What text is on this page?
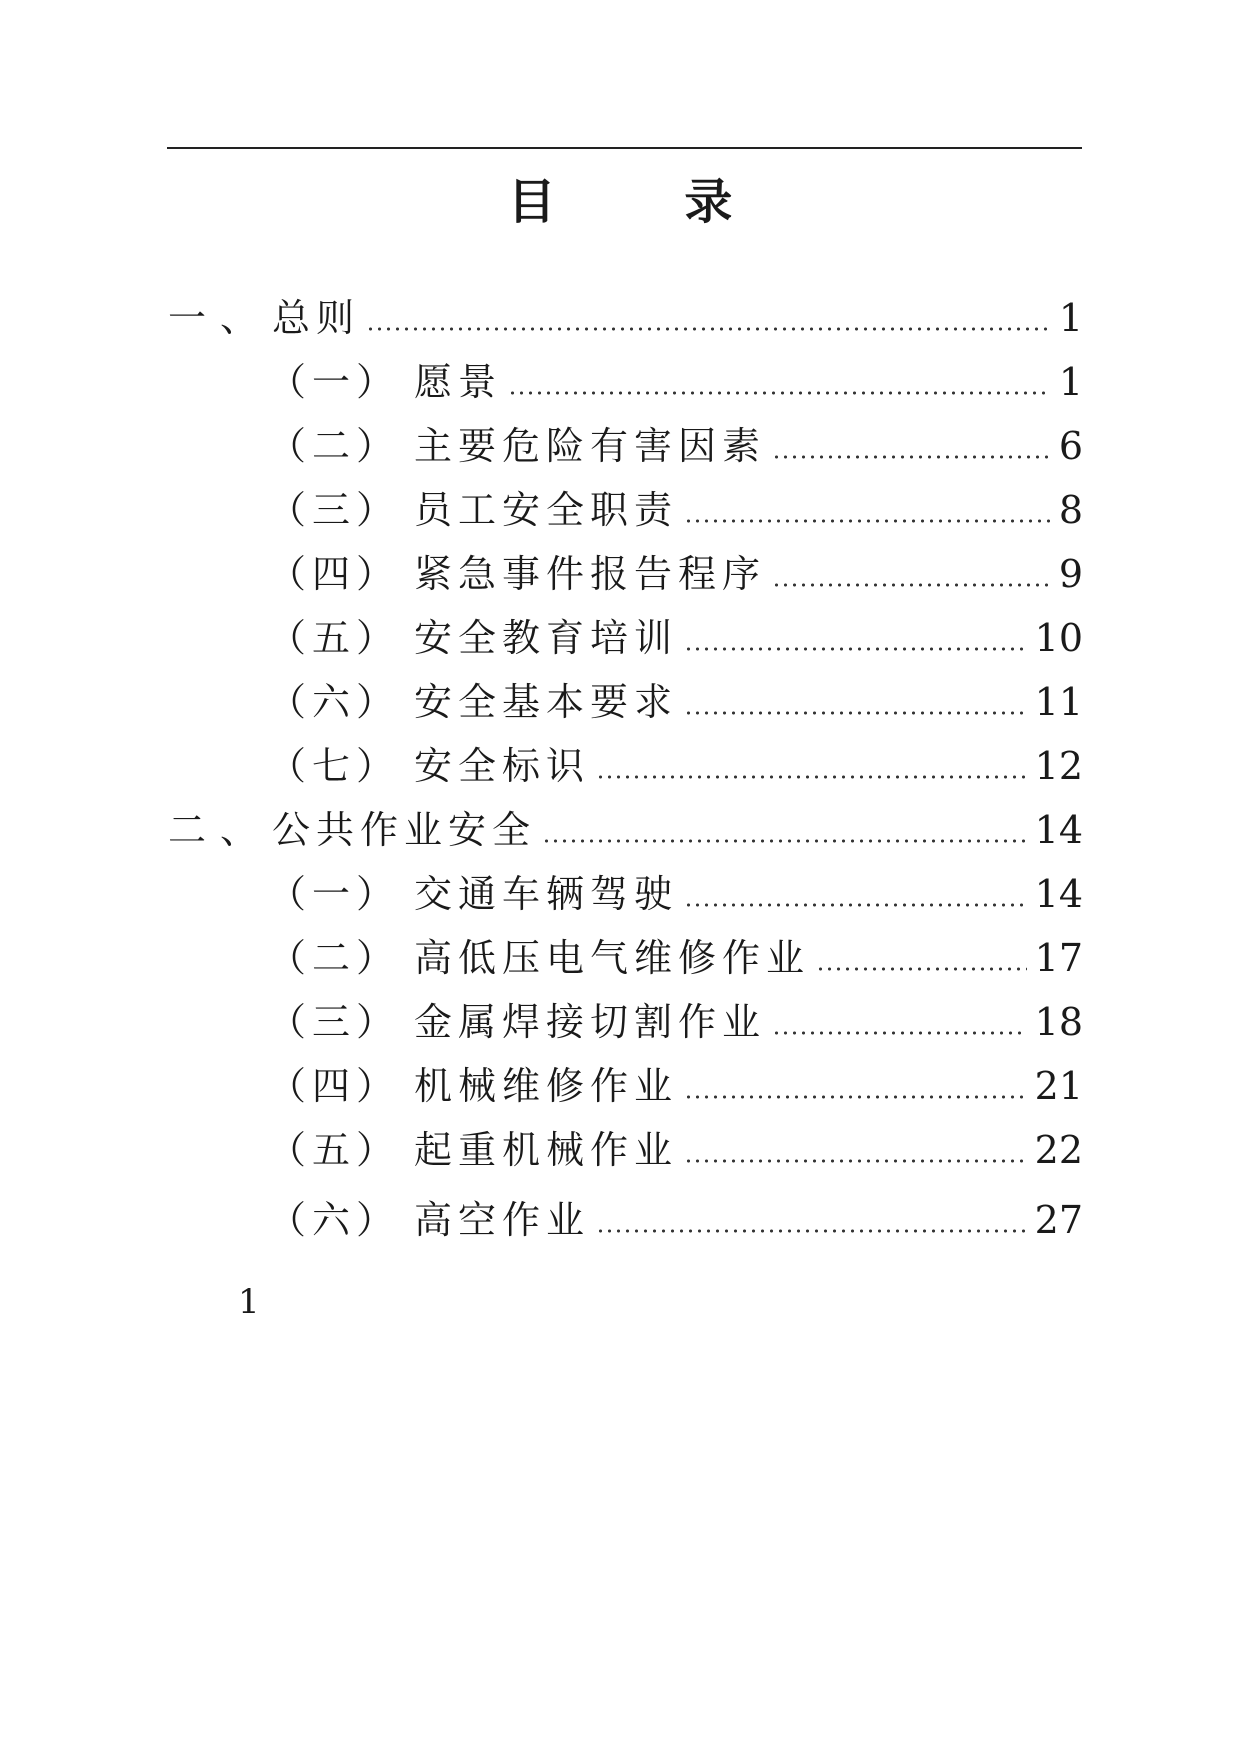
目 录
一、 总则	1
（一） 愿景	1
（二） 主要危险有害因素	6
（三） 员工安全职责	8
（四） 紧急事件报告程序	9
（五） 安全教育培训	10
（六） 安全基本要求	11
（七） 安全标识	12
二、 公共作业安全	14
（一） 交通车辆驾驶	14
（二） 高低压电气维修作业	17
（三） 金属焊接切割作业	18
（四） 机械维修作业	21
（五） 起重机械作业	22
（六） 高空作业	27
1
